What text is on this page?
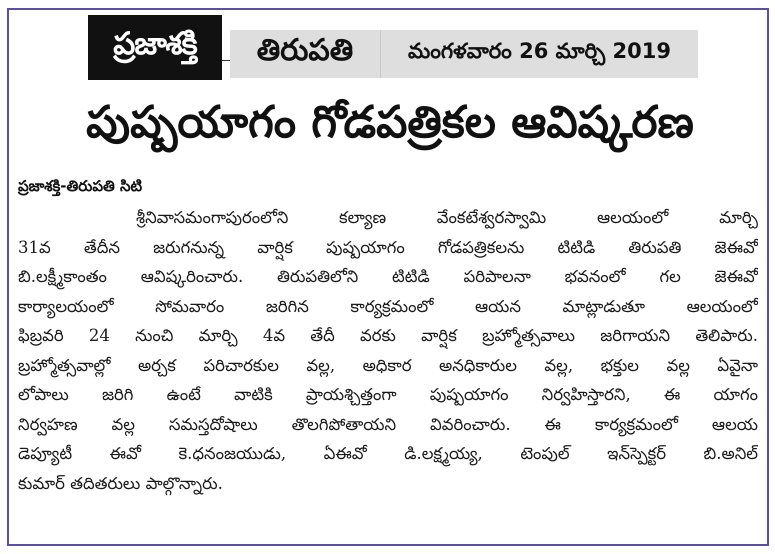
ప్రజాశక్తి	తిరుపతి	మంగళవారం 26 మార్చి 2019
పుష్పయాగం గోడపత్రికల ఆవిష్కరణ
ప్రజాశక్తి-తిరుపతి సిటి
శ్రీనివాసమంగాపురంలోని కల్యాణ వేంకటేశ్వరస్వామి ఆలయంలో మార్చి
31వ తేదీన జరుగనున్న వార్షిక పుష్పయాగం గోడపత్రికలను టిటిడి తిరుపతి జెఈవో
బి.లక్ష్మీకాంతం ఆవిష్కరించారు. తిరుపతిలోని టిటిడి పరిపాలనా భవనంలో గల జెఈవో
కార్యాలయంలో సోమవారం జరిగిన కార్యక్రమంలో ఆయన మాట్లాడుతూ ఆలయంలో
ఫిబ్రవరి 24 నుంచి మార్చి 4వ తేదీ వరకు వార్షిక బ్రహ్మోత్సవాలు జరిగాయని తెలిపారు.
బ్రహ్మోత్సవాల్లో అర్చక పరిచారకుల వల్ల, అధికార అనధికారుల వల్ల, భక్తుల వల్ల ఏవైనా
లోపాలు జరిగి ఉంటే వాటికి ప్రాయశ్చిత్తంగా పుష్పయాగం నిర్వహిస్తారని, ఈ యాగం
నిర్వహణ వల్ల సమస్తదోషాలు తొలగిపోతాయని వివరించారు. ఈ కార్యక్రమంలో ఆలయ
డెప్యూటీ ఈవో కె.ధనంజయుడు, ఏఈవో డి.లక్ష్మయ్య, టెంపుల్ ఇన్‌స్పెక్టర్ బి.అనిల్
కుమార్ తదితరులు పాల్గొన్నారు.
